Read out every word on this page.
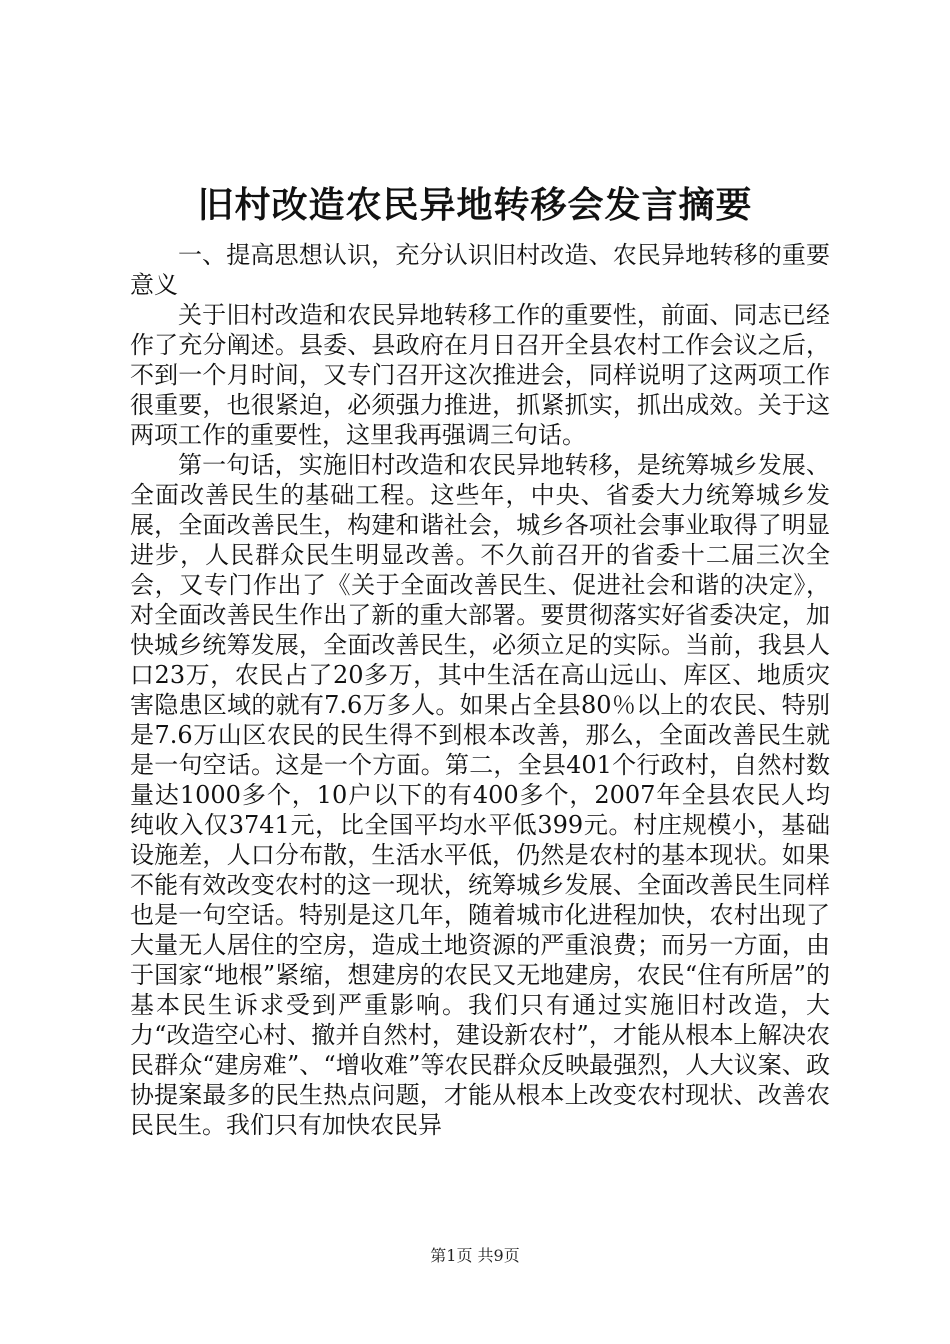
旧村改造农民异地转移会发言摘要

一、提高思想认识，充分认识旧村改造、农民异地转移的重要意义

关于旧村改造和农民异地转移工作的重要性，前面、同志已经作了充分阐述。县委、县政府在月日召开全县农村工作会议之后，不到一个月时间，又专门召开这次推进会，同样说明了这两项工作很重要，也很紧迫，必须强力推进，抓紧抓实，抓出成效。关于这两项工作的重要性，这里我再强调三句话。

第一句话，实施旧村改造和农民异地转移，是统筹城乡发展、全面改善民生的基础工程。这些年，中央、省委大力统筹城乡发展，全面改善民生，构建和谐社会，城乡各项社会事业取得了明显进步，人民群众民生明显改善。不久前召开的省委十二届三次全会，又专门作出了《关于全面改善民生、促进社会和谐的决定》，对全面改善民生作出了新的重大部署。要贯彻落实好省委决定，加快城乡统筹发展，全面改善民生，必须立足的实际。当前，我县人口23万，农民占了20多万，其中生活在高山远山、库区、地质灾害隐患区域的就有7.6万多人。如果占全县80％以上的农民、特别是7.6万山区农民的民生得不到根本改善，那么，全面改善民生就是一句空话。这是一个方面。第二，全县401个行政村，自然村数量达1000多个，10户以下的有400多个，2007年全县农民人均纯收入仅3741元，比全国平均水平低399元。村庄规模小，基础设施差，人口分布散，生活水平低，仍然是农村的基本现状。如果不能有效改变农村的这一现状，统筹城乡发展、全面改善民生同样也是一句空话。特别是这几年，随着城市化进程加快，农村出现了大量无人居住的空房，造成土地资源的严重浪费；而另一方面，由于国家“地根”紧缩，想建房的农民又无地建房，农民“住有所居”的基本民生诉求受到严重影响。我们只有通过实施旧村改造，大力“改造空心村、撤并自然村，建设新农村”，才能从根本上解决农民群众“建房难”、“增收难”等农民群众反映最强烈，人大议案、政协提案最多的民生热点问题，才能从根本上改变农村现状、改善农民民生。我们只有加快农民异

第1页 共9页
